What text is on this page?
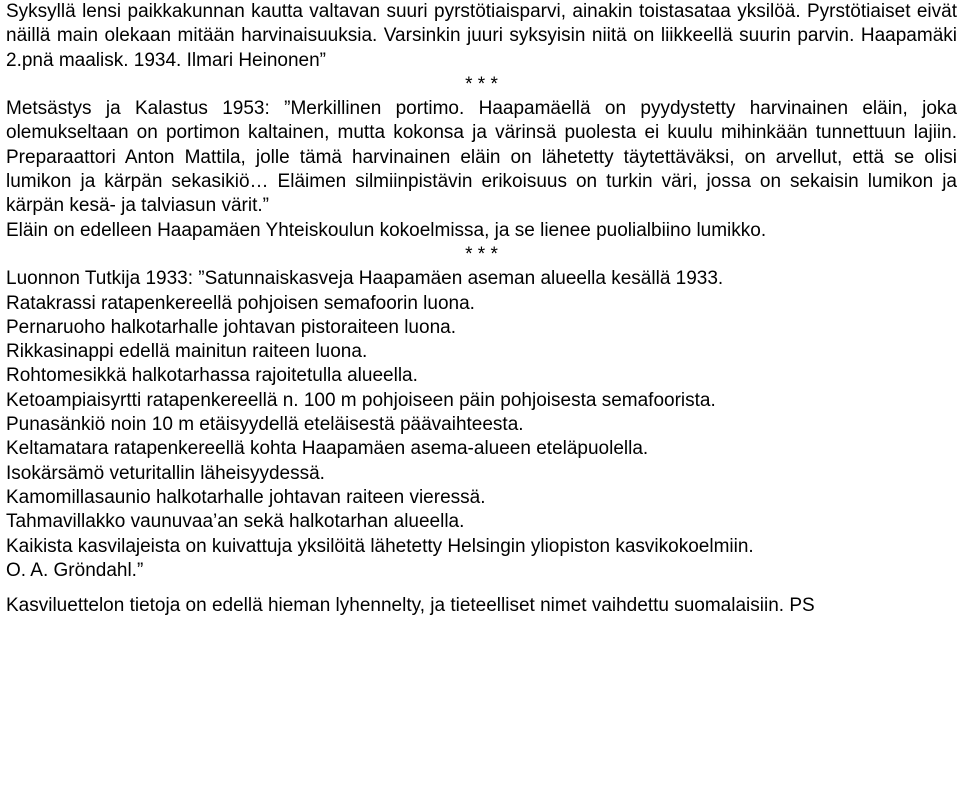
Syksyllä lensi paikkakunnan kautta valtavan suuri pyrstötiaisparvi, ainakin toistasataa yksilöä. Pyrstötiaiset eivät näillä main olekaan mitään harvinaisuuksia. Varsinkin juuri syksyisin niitä on liikkeellä suurin parvin. Haapamäki 2.pnä maalisk. 1934. Ilmari Heinonen”

* * *

Metsästys ja Kalastus 1953: ”Merkillinen portimo. Haapamäellä on pyydystetty harvinainen eläin, joka olemukseltaan on portimon kaltainen, mutta kokonsa ja värinsä puolesta ei kuulu mihinkään tunnettuun lajiin. Preparaattori Anton Mattila, jolle tämä harvinainen eläin on lähetetty täytettäväksi, on arvellut, että se olisi lumikon ja kärpän sekasikiö… Eläimen silmiinpistävin erikoisuus on turkin väri, jossa on sekaisin lumikon ja kärpän kesä- ja talviasun värit.”

Eläin on edelleen Haapamäen Yhteiskoulun kokoelmissa, ja se lienee puolialbiino lumikko.

* * *

Luonnon Tutkija 1933: ”Satunnaiskasveja Haapamäen aseman alueella kesällä 1933.

Ratakrassi ratapenkereellä pohjoisen semafoorin luona.

Pernaruoho halkotarhalle johtavan pistoraiteen luona.

Rikkasinappi edellä mainitun raiteen luona.

Rohtomesikkä halkotarhassa rajoitetulla alueella.

Ketoampiaisyrtti ratapenkereellä n. 100 m pohjoiseen päin pohjoisesta semafoorista.

Punasänkiö noin 10 m etäisyydellä eteläisestä päävaihteesta.

Keltamatara ratapenkereellä kohta Haapamäen asema-alueen eteläpuolella.

Isokärsämö veturitallin läheisyydessä.

Kamomillasaunio halkotarhalle johtavan raiteen vieressä.

Tahmavillakko vaunuvaa’an sekä halkotarhan alueella.

Kaikista kasvilajeista on kuivattuja yksilöitä lähetetty Helsingin yliopiston kasvikokoelmiin.

O. A. Gröndahl.”

Kasviluettelon tietoja on edellä hieman lyhennelty, ja tieteelliset nimet vaihdettu suomalaisiin. PS
